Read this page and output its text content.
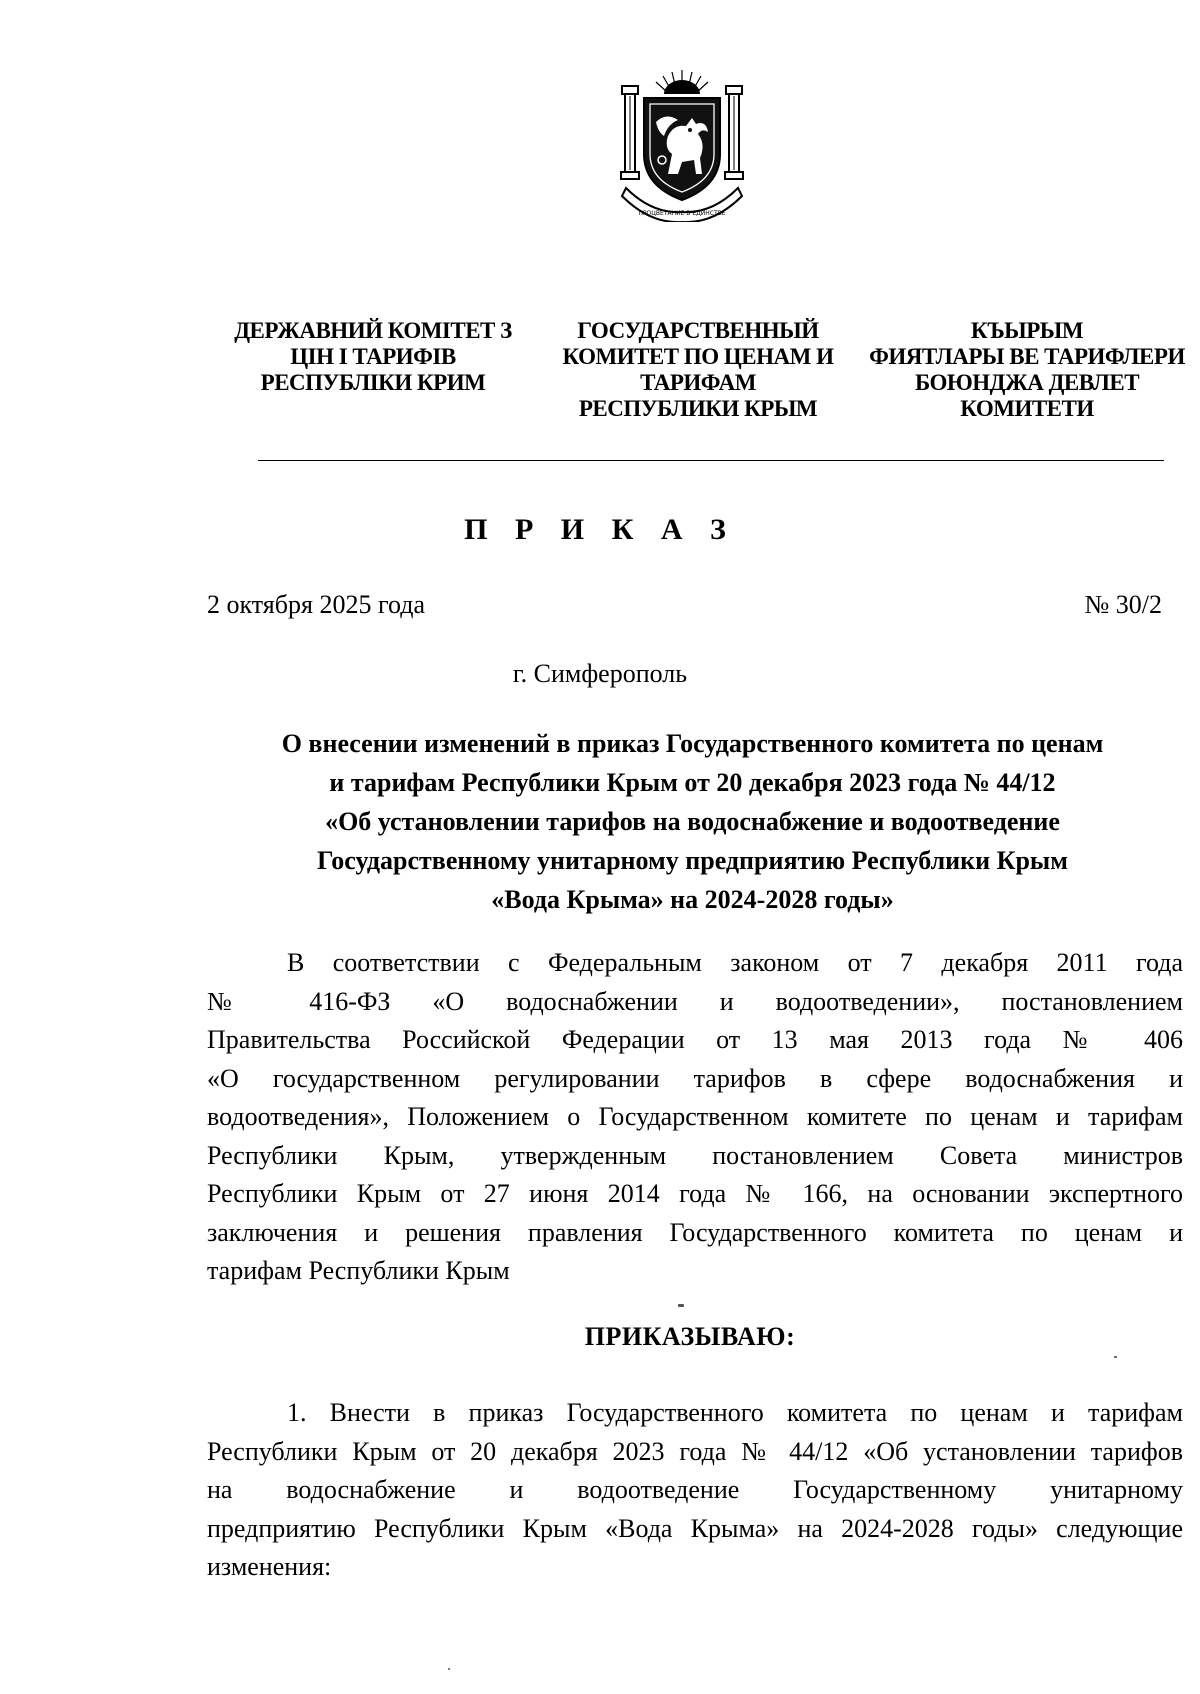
ПРОЦВЕТАНИЕ В ЕДИНСТВЕ
ДЕРЖАВНИЙ КОМІТЕТ З
ЦІН І ТАРИФІВ
РЕСПУБЛІКИ КРИМ
ГОСУДАРСТВЕННЫЙ
КОМИТЕТ ПО ЦЕНАМ И
ТАРИФАМ
РЕСПУБЛИКИ КРЫМ
КЪЫРЫМ
ФИЯТЛАРЫ ВЕ ТАРИФЛЕРИ
БОЮНДЖА ДЕВЛЕТ
КОМИТЕТИ
П Р И К А З
2 октября 2025 года	№ 30/2
г. Симферополь
О внесении изменений в приказ Государственного комитета по ценам
и тарифам Республики Крым от 20 декабря 2023 года № 44/12
«Об установлении тарифов на водоснабжение и водоотведение
Государственному унитарному предприятию Республики Крым
«Вода Крыма» на 2024-2028 годы»
В соответствии с Федеральным законом от 7 декабря 2011 года
№ 416-ФЗ «О водоснабжении и водоотведении», постановлением
Правительства Российской Федерации от 13 мая 2013 года № 406
«О государственном регулировании тарифов в сфере водоснабжения и
водоотведения», Положением о Государственном комитете по ценам и тарифам
Республики Крым, утвержденным постановлением Совета министров
Республики Крым от 27 июня 2014 года № 166, на основании экспертного
заключения и решения правления Государственного комитета по ценам и
тарифам Республики Крым
ПРИКАЗЫВАЮ:
1. Внести в приказ Государственного комитета по ценам и тарифам
Республики Крым от 20 декабря 2023 года № 44/12 «Об установлении тарифов
на водоснабжение и водоотведение Государственному унитарному
предприятию Республики Крым «Вода Крыма» на 2024-2028 годы» следующие
изменения:
